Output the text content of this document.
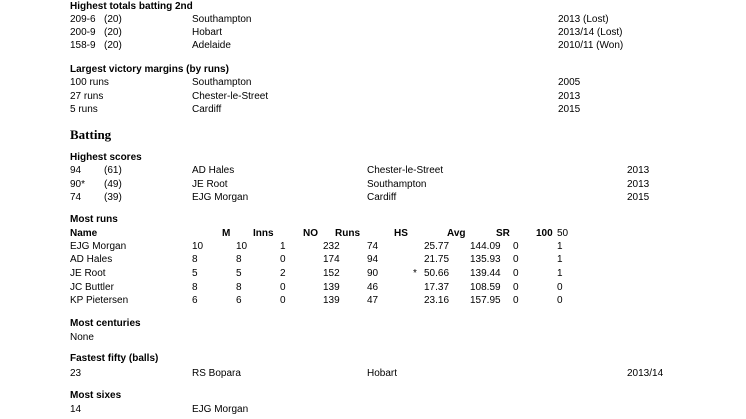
Highest totals batting 2nd
209-6 (20)	Southampton	2013 (Lost)
200-9 (20)	Hobart	2013/14 (Lost)
158-9 (20)	Adelaide	2010/11 (Won)
Largest victory margins (by runs)
100 runs	Southampton	2005
27 runs	Chester-le-Street	2013
5 runs	Cardiff	2015
Batting
Highest scores
94 (61)	AD Hales	Chester-le-Street	2013
90* (49)	JE Root	Southampton	2013
74 (39)	EJG Morgan	Cardiff	2015
Most runs
Name	M Inns	NO Runs	HS	Avg	SR	100 50
EJG Morgan	10	10	1	232	74	25.77 144.09 0	1
AD Hales	8	8	0	174	94	21.75 135.93 0	1
JE Root	5	5	2	152	90	* 50.66 139.44 0	1
JC Buttler	8	8	0	139	46	17.37 108.59 0	0
KP Pietersen	6	6	0	139	47	23.16 157.95 0	0
Most centuries
None
Fastest fifty (balls)
23	RS Bopara	Hobart	2013/14
Most sixes
14	EJG Morgan
